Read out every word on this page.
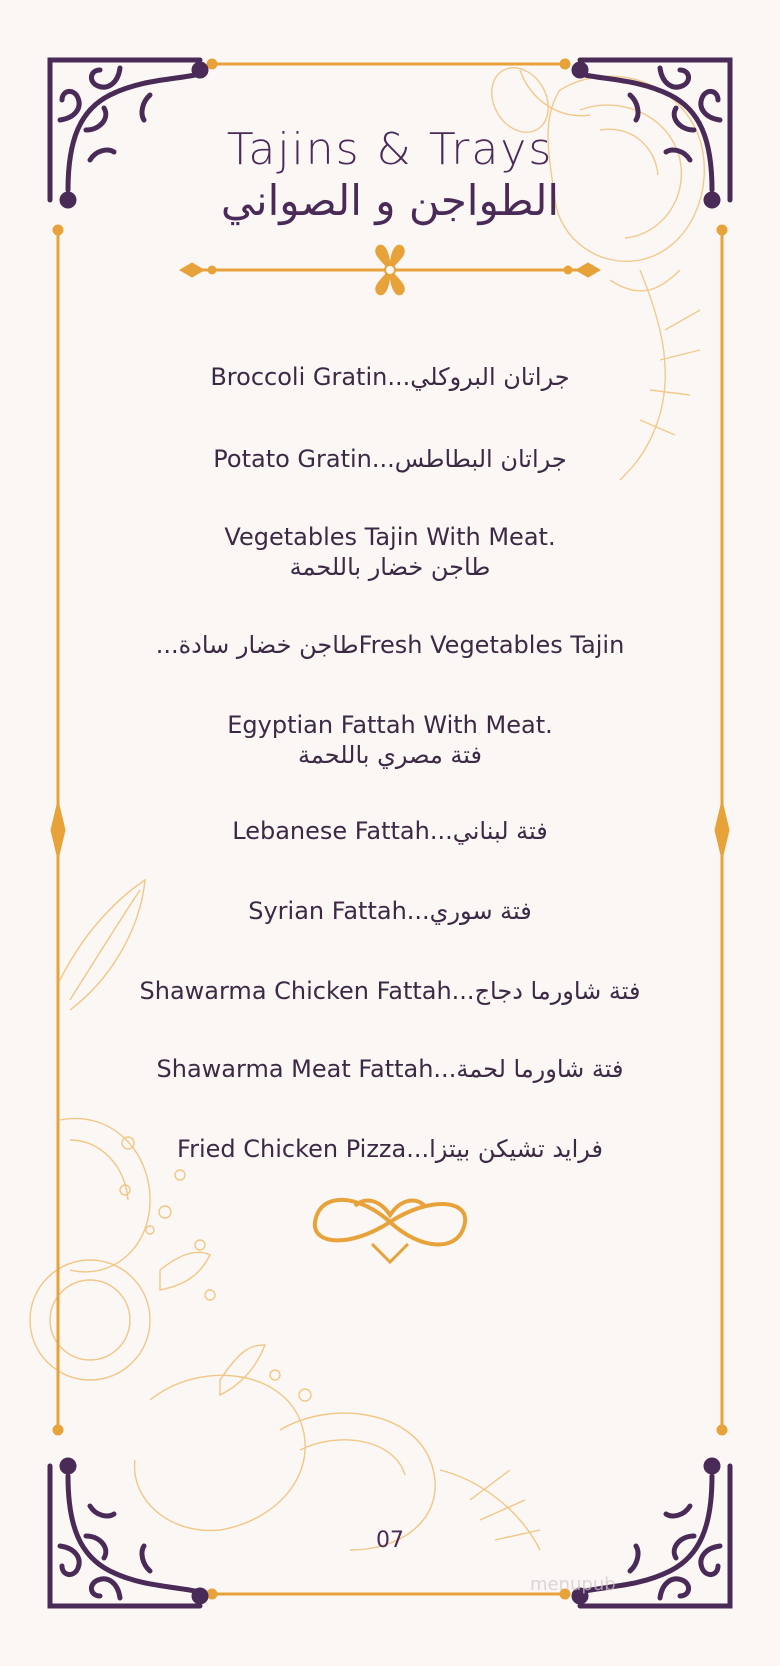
Tajins & Trays
الطواجن و الصواني
Broccoli Gratin...جراتان البروكلي
Potato Gratin...جراتان البطاطس
Vegetables Tajin With Meat.
طاجن خضار باللحمة
طاجن خضار سادة...Fresh Vegetables Tajin
Egyptian Fattah With Meat.
فتة مصري باللحمة
Lebanese Fattah...فتة لبناني
Syrian Fattah...فتة سوري
Shawarma Chicken Fattah...فتة شاورما دجاج
Shawarma Meat Fattah...فتة شاورما لحمة
Fried Chicken Pizza...فرايد تشيكن بيتزا
07
menupub
